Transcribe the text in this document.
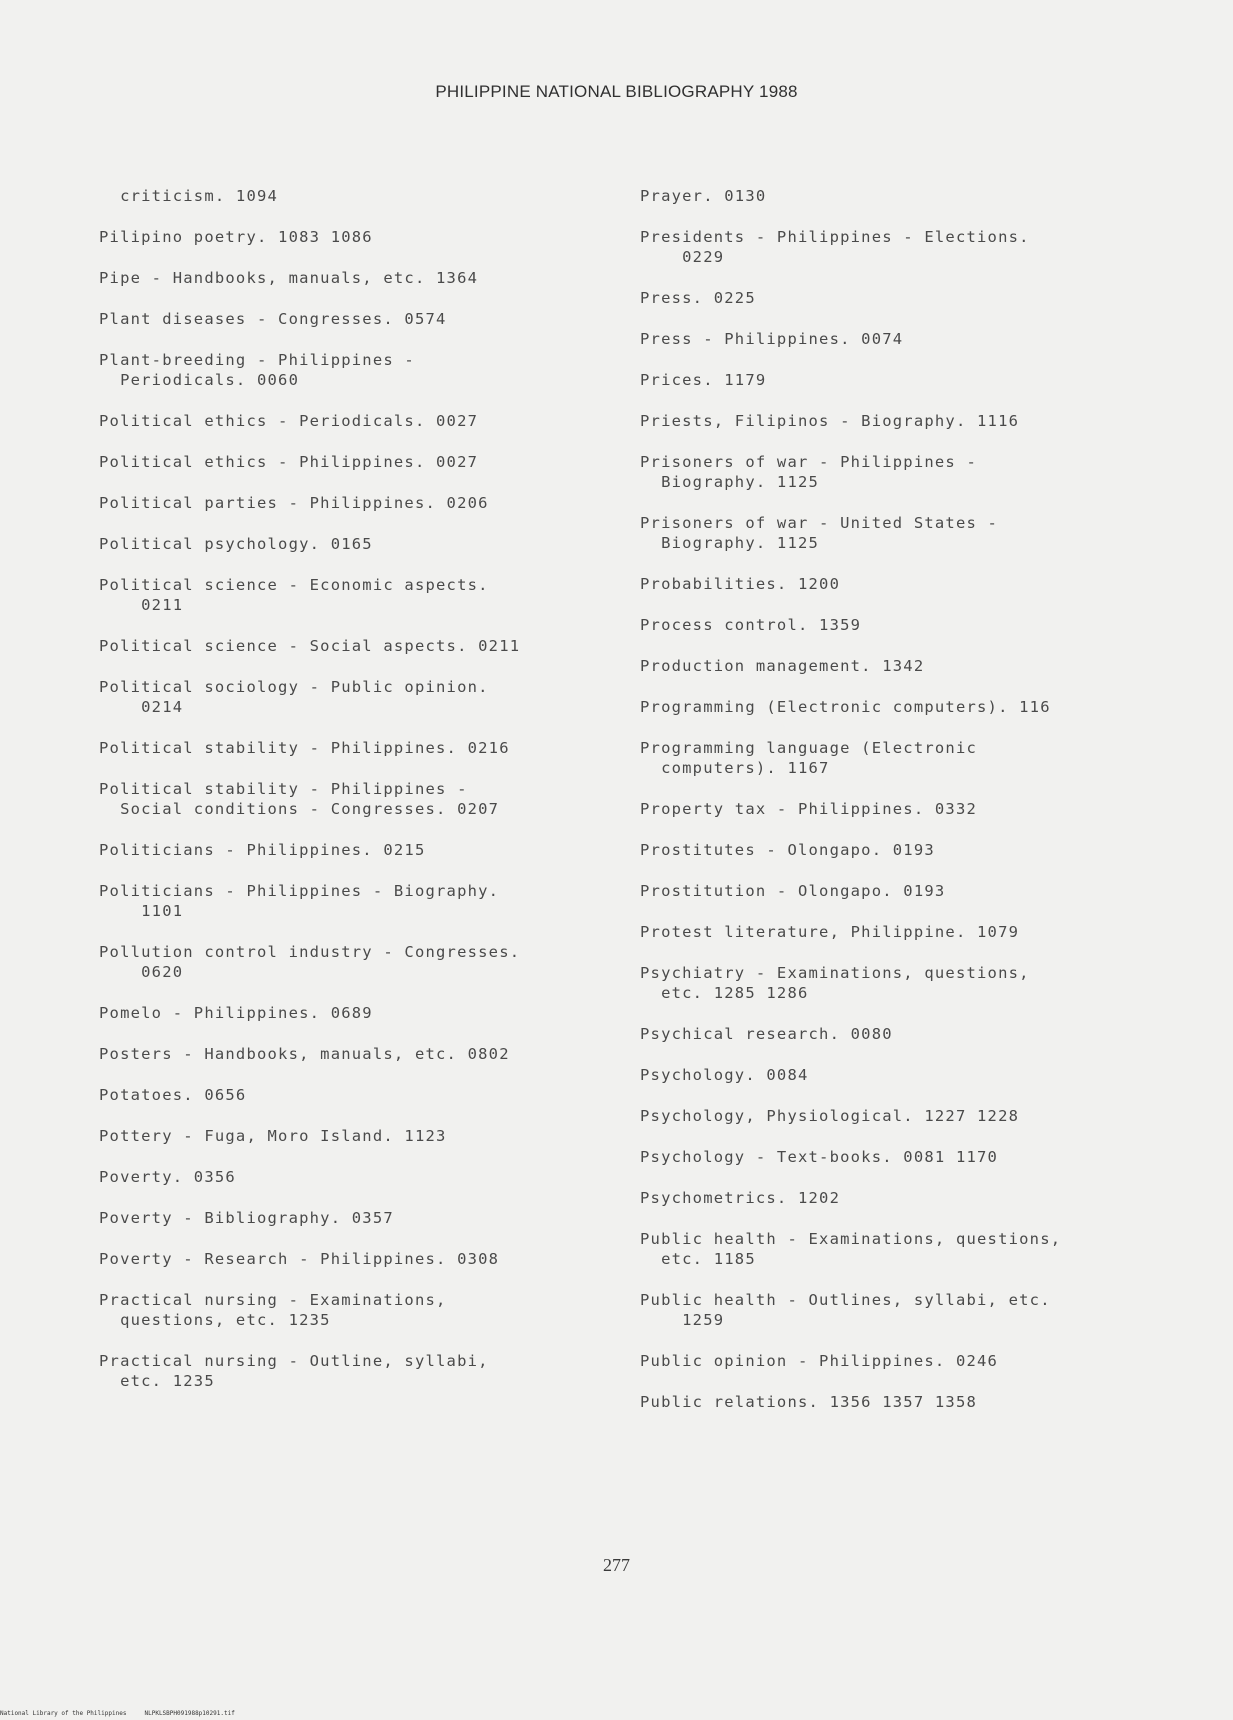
PHILIPPINE NATIONAL BIBLIOGRAPHY 1988
criticism. 1094
Pilipino poetry. 1083 1086
Pipe - Handbooks, manuals, etc. 1364
Plant diseases - Congresses. 0574
Plant-breeding - Philippines -
Periodicals. 0060
Political ethics - Periodicals. 0027
Political ethics - Philippines. 0027
Political parties - Philippines. 0206
Political psychology. 0165
Political science - Economic aspects.
0211
Political science - Social aspects. 0211
Political sociology - Public opinion.
0214
Political stability - Philippines. 0216
Political stability - Philippines -
Social conditions - Congresses. 0207
Politicians - Philippines. 0215
Politicians - Philippines - Biography.
1101
Pollution control industry - Congresses.
0620
Pomelo - Philippines. 0689
Posters - Handbooks, manuals, etc. 0802
Potatoes. 0656
Pottery - Fuga, Moro Island. 1123
Poverty. 0356
Poverty - Bibliography. 0357
Poverty - Research - Philippines. 0308
Practical nursing - Examinations,
questions, etc. 1235
Practical nursing - Outline, syllabi,
etc. 1235
Prayer. 0130
Presidents - Philippines - Elections.
0229
Press. 0225
Press - Philippines. 0074
Prices. 1179
Priests, Filipinos - Biography. 1116
Prisoners of war - Philippines -
Biography. 1125
Prisoners of war - United States -
Biography. 1125
Probabilities. 1200
Process control. 1359
Production management. 1342
Programming (Electronic computers). 116
Programming language (Electronic
computers). 1167
Property tax - Philippines. 0332
Prostitutes - Olongapo. 0193
Prostitution - Olongapo. 0193
Protest literature, Philippine. 1079
Psychiatry - Examinations, questions,
etc. 1285 1286
Psychical research. 0080
Psychology. 0084
Psychology, Physiological. 1227 1228
Psychology - Text-books. 0081 1170
Psychometrics. 1202
Public health - Examinations, questions,
etc. 1185
Public health - Outlines, syllabi, etc.
1259
Public opinion - Philippines. 0246
Public relations. 1356 1357 1358
277
National Library of the Philippines     NLPKLSBPH091988p10291.tif
